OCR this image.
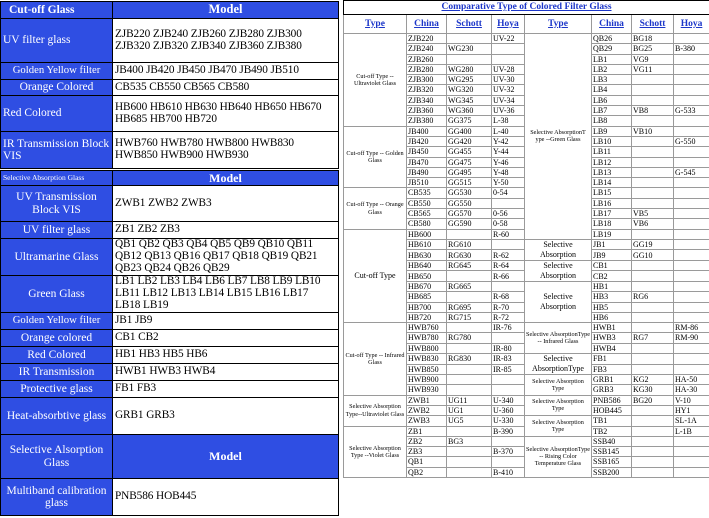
Cut-off Glass	Model
UV filter glass	ZJB220 ZJB240 ZJB260 ZJB280 ZJB300 ZJB320 ZJB320 ZJB340 ZJB360 ZJB380
Golden Yellow filter	JB400 JB420 JB450 JB470 JB490 JB510
Orange Colored	CB535 CB550 CB565 CB580
Red Colored	HB600 HB610 HB630 HB640 HB650 HB670 HB685 HB700 HB720
IR Transmission Block VIS	HWB760 HWB780 HWB800 HWB830 HWB850 HWB900 HWB930
Selective Absorption Glass	Model
UV Transmission Block VIS	ZWB1 ZWB2 ZWB3
UV filter glass	ZB1 ZB2 ZB3
Ultramarine Glass	QB1 QB2 QB3 QB4 QB5 QB9 QB10 QB11 QB12 QB13 QB16 QB17 QB18 QB19 QB21 QB23 QB24 QB26 QB29
Green Glass	LB1 LB2 LB3 LB4 LB6 LB7 LB8 LB9 LB10 LB11 LB12 LB13 LB14 LB15 LB16 LB17 LB18 LB19
Golden Yellow filter	JB1 JB9
Orange colored	CB1 CB2
Red Colored	HB1 HB3 HB5 HB6
IR Transmission	HWB1 HWB3 HWB4
Protective glass	FB1 FB3
Heat-absorbtive glass	GRB1 GRB3
Selective Alsorption Glass	Model
Multiband calibration glass	PNB586 HOB445
Comparative Type of Colored Filter Glass							
Type	China	Schott	Hoya	Type	China	Schott	Hoya
Cut-off Type -- Ultraviolet Glass	ZJB220		UV-22	Selective AbsorptionT ype --Green Glass	QB26	BG18	
	ZJB240	WG230			QB29	BG25	B-380
	ZJB260				LB1	VG9	
	ZJB280	WG280	UV-28		LB2	VG11	
	ZJB300	WG295	UV-30		LB3		
	ZJB320	WG320	UV-32		LB4		
	ZJB340	WG345	UV-34		LB6		
	ZJB360	WG360	UV-36		LB7	VB8	G-533
	ZJB380	GG375	L-38		LB8		
Cut-off Type -- Golden Glass	JB400	GG400	L-40		LB9	VB10	
	JB420	GG420	Y-42		LB10		G-550
	JB450	GG455	Y-44		LB11		
	JB470	GG475	Y-46		LB12		
	JB490	GG495	Y-48		LB13		G-545
	JB510	GG515	Y-50		LB14		
Cut-off Type -- Orange Glass	CB535	GG530	0-54		LB15		
	CB550	GG550			LB16		
	CB565	GG570	0-56		LB17	VB5	
	CB580	GG590	0-58		LB18	VB6	
Cut-off Type	HB600		R-60		LB19		
	HB610	RG610		Selective Absorption	JB1	GG19	
	HB630	RG630	R-62		JB9	GG10	
	HB640	RG645	R-64	Selective Absorption	CB1		
	HB650		R-66		CB2		
	HB670	RG665		Selective Absorption	HB1		
	HB685		R-68		HB3	RG6	
	HB700	RG695	R-70		HB5		
	HB720	RG715	R-72		HB6		
Cut-off Type -- Infrared Glass	HWB760		IR-76	Selective AbsorptionType -- Infrared Glass	HWB1		RM-86
	HWB780	RG780			HWB3	RG7	RM-90
	HWB800		IR-80		HWB4		
	HWB830	RG830	IR-83	Selective AbsorptionType	FB1		
	HWB850		IR-85		FB3		
	HWB900			Selective Absorption Type	GRB1	KG2	HA-50
	HWB930				GRB3	KG30	HA-30
Selective Absorption Type--Ultraviolet Glass	ZWB1	UG11	U-340	Selective Absorption Type	PNB586	BG20	V-10
	ZWB2	UG1	U-360		HOB445		HY1
	ZWB3	UG5	U-330	Selective Absorption Type	TB1		SL-1A
Selective Absorption Type --Violet Glass	ZB1		B-390		TB2		L-1B
	ZB2	BG3		Selective AbsorptionType -- Rising Color Temperature Glass	SSB40		
	ZB3		B-370		SSB145		
	QB1				SSB165		
	QB2		B-410		SSB200		
